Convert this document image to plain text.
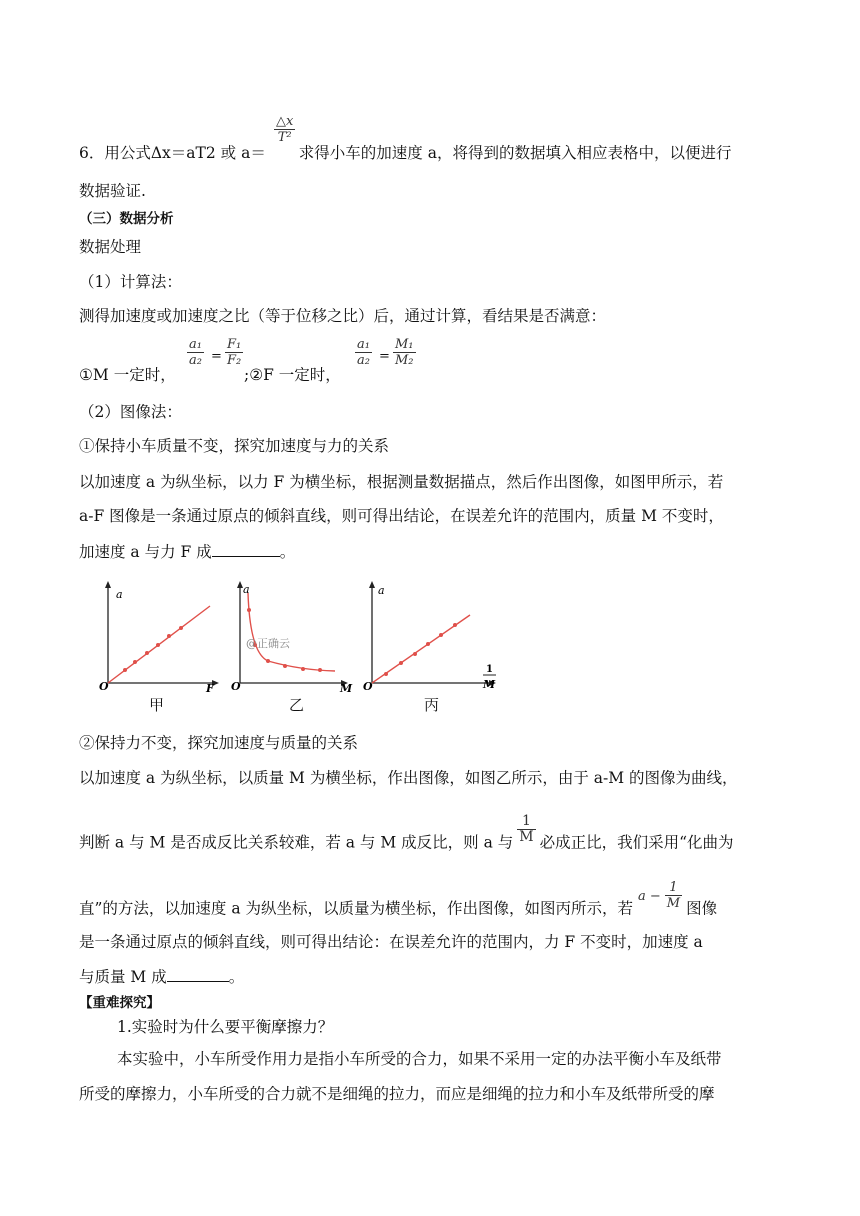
$\frac{\triangle x}{\text{T²}}$
6．用公式Δx＝aT2 或 a＝ 求得小车的加速度 a，将得到的数据填入相应表格中，以便进行
数据验证.
（三）数据分析
数据处理
（1）计算法：
测得加速度或加速度之比（等于位移之比）后，通过计算，看结果是否满意：
①M 一定时，
a₁
a₂ =
F₁
F₂
;②F 一定时，
a₁
a₂ =
M₁
M₂
（2）图像法：
①保持小车质量不变，探究加速度与力的关系
以加速度 a 为纵坐标，以力 F 为横坐标，根据测量数据描点，然后作出图像，如图甲所示，若
a-F 图像是一条通过原点的倾斜直线，则可得出结论，在误差允许的范围内，质量 M 不变时，
加速度 a 与力 F 成	。
a
O	F
甲
a
O	M
@正确云
乙
a
O
1
M
丙
②保持力不变，探究加速度与质量的关系
以加速度 a 为纵坐标，以质量 M 为横坐标，作出图像，如图乙所示，由于 a-M 的图像为曲线，
判断 a 与 M 是否成反比关系较难，若 a 与 M 成反比，则 a 与 $\frac{1}{M}$ 必成正比，我们采用“化曲为
直”的方法，以加速度 a 为纵坐标，以质量为横坐标，作出图像，如图丙所示，若 $^{a -} \frac{1}{M}$ 图像
是一条通过原点的倾斜直线，则可得出结论：在误差允许的范围内，力 F 不变时，加速度 a
与质量 M 成	。
【重难探究】
1.实验时为什么要平衡摩擦力？
本实验中，小车所受作用力是指小车所受的合力，如果不采用一定的办法平衡小车及纸带
所受的摩擦力，小车所受的合力就不是细绳的拉力，而应是细绳的拉力和小车及纸带所受的摩
